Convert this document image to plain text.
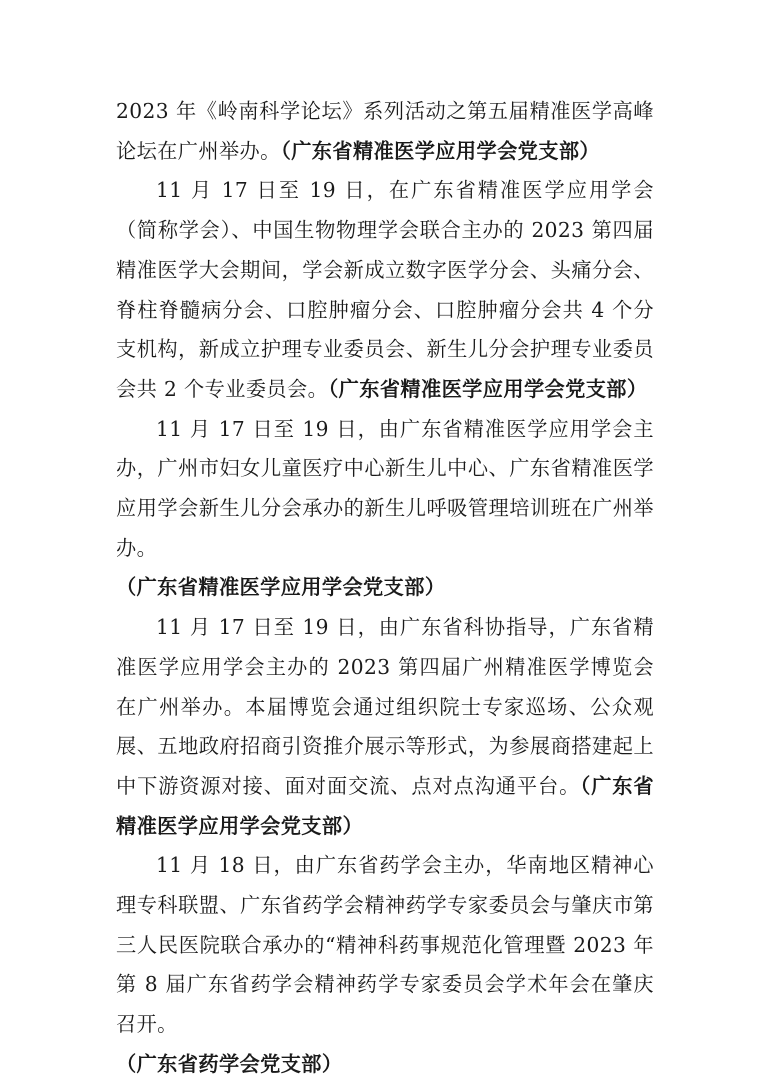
2023 年《岭南科学论坛》系列活动之第五届精准医学高峰论坛在广州举办。（广东省精准医学应用学会党支部）

11 月 17 日至 19 日，在广东省精准医学应用学会（简称学会）、中国生物物理学会联合主办的 2023 第四届精准医学大会期间，学会新成立数字医学分会、头痛分会、脊柱脊髓病分会、口腔肿瘤分会、口腔肿瘤分会共 4 个分支机构，新成立护理专业委员会、新生儿分会护理专业委员会共 2 个专业委员会。（广东省精准医学应用学会党支部）

11 月 17 日至 19 日，由广东省精准医学应用学会主办，广州市妇女儿童医疗中心新生儿中心、广东省精准医学应用学会新生儿分会承办的新生儿呼吸管理培训班在广州举办。

（广东省精准医学应用学会党支部）

11 月 17 日至 19 日，由广东省科协指导，广东省精准医学应用学会主办的 2023 第四届广州精准医学博览会在广州举办。本届博览会通过组织院士专家巡场、公众观展、五地政府招商引资推介展示等形式，为参展商搭建起上中下游资源对接、面对面交流、点对点沟通平台。（广东省精准医学应用学会党支部）

11 月 18 日，由广东省药学会主办，华南地区精神心理专科联盟、广东省药学会精神药学专家委员会与肇庆市第三人民医院联合承办的“精神科药事规范化管理暨 2023 年第 8 届广东省药学会精神药学专家委员会学术年会在肇庆召开。

（广东省药学会党支部）
